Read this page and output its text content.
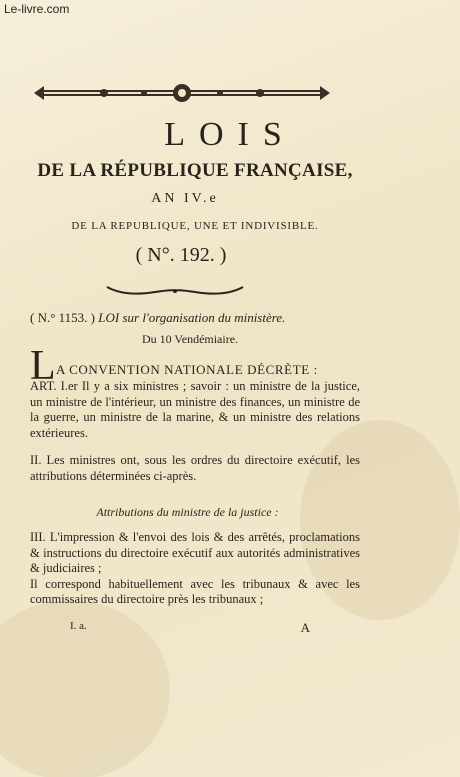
Le-livre.com
LOIS
DE LA RÉPUBLIQUE FRANÇAISE,
AN IV.e
DE LA REPUBLIQUE, UNE ET INDIVISIBLE.
( N°. 192. )
( N.° 1153. ) LOI sur l'organisation du ministère.
Du 10 Vendémiaire.
L A CONVENTION NATIONALE DÉCRÈTE :

ART. I.er Il y a six ministres ; savoir : un ministre de la justice, un ministre de l'intérieur, un ministre des finances, un ministre de la guerre, un ministre de la marine, & un ministre des relations extérieures.

II. Les ministres ont, sous les ordres du directoire exécutif, les attributions déterminées ci-après.

Attributions du ministre de la justice :

III. L'impression & l'envoi des lois & des arrêtés, proclamations & instructions du directoire exécutif aux autorités administratives & judiciaires ;

Il correspond habituellement avec les tribunaux & avec les commissaires du directoire près les tribunaux ;

I. a.	A
